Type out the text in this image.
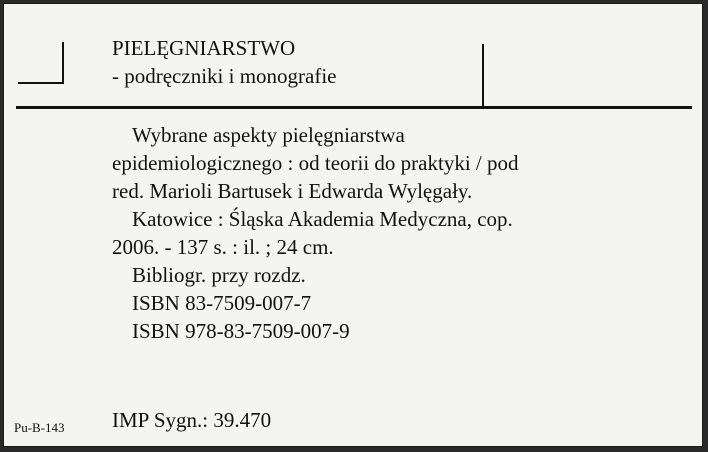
PIELĘGNIARSTWO
- podręczniki i monografie
Wybrane aspekty pielęgniarstwa
epidemiologicznego : od teorii do praktyki / pod
red. Marioli Bartusek i Edwarda Wylęgały.
Katowice : Śląska Akademia Medyczna, cop.
2006. - 137 s. : il. ; 24 cm.
Bibliogr. przy rozdz.
ISBN 83-7509-007-7
ISBN 978-83-7509-007-9
Pu-B-143 IMP Sygn.: 39.470
